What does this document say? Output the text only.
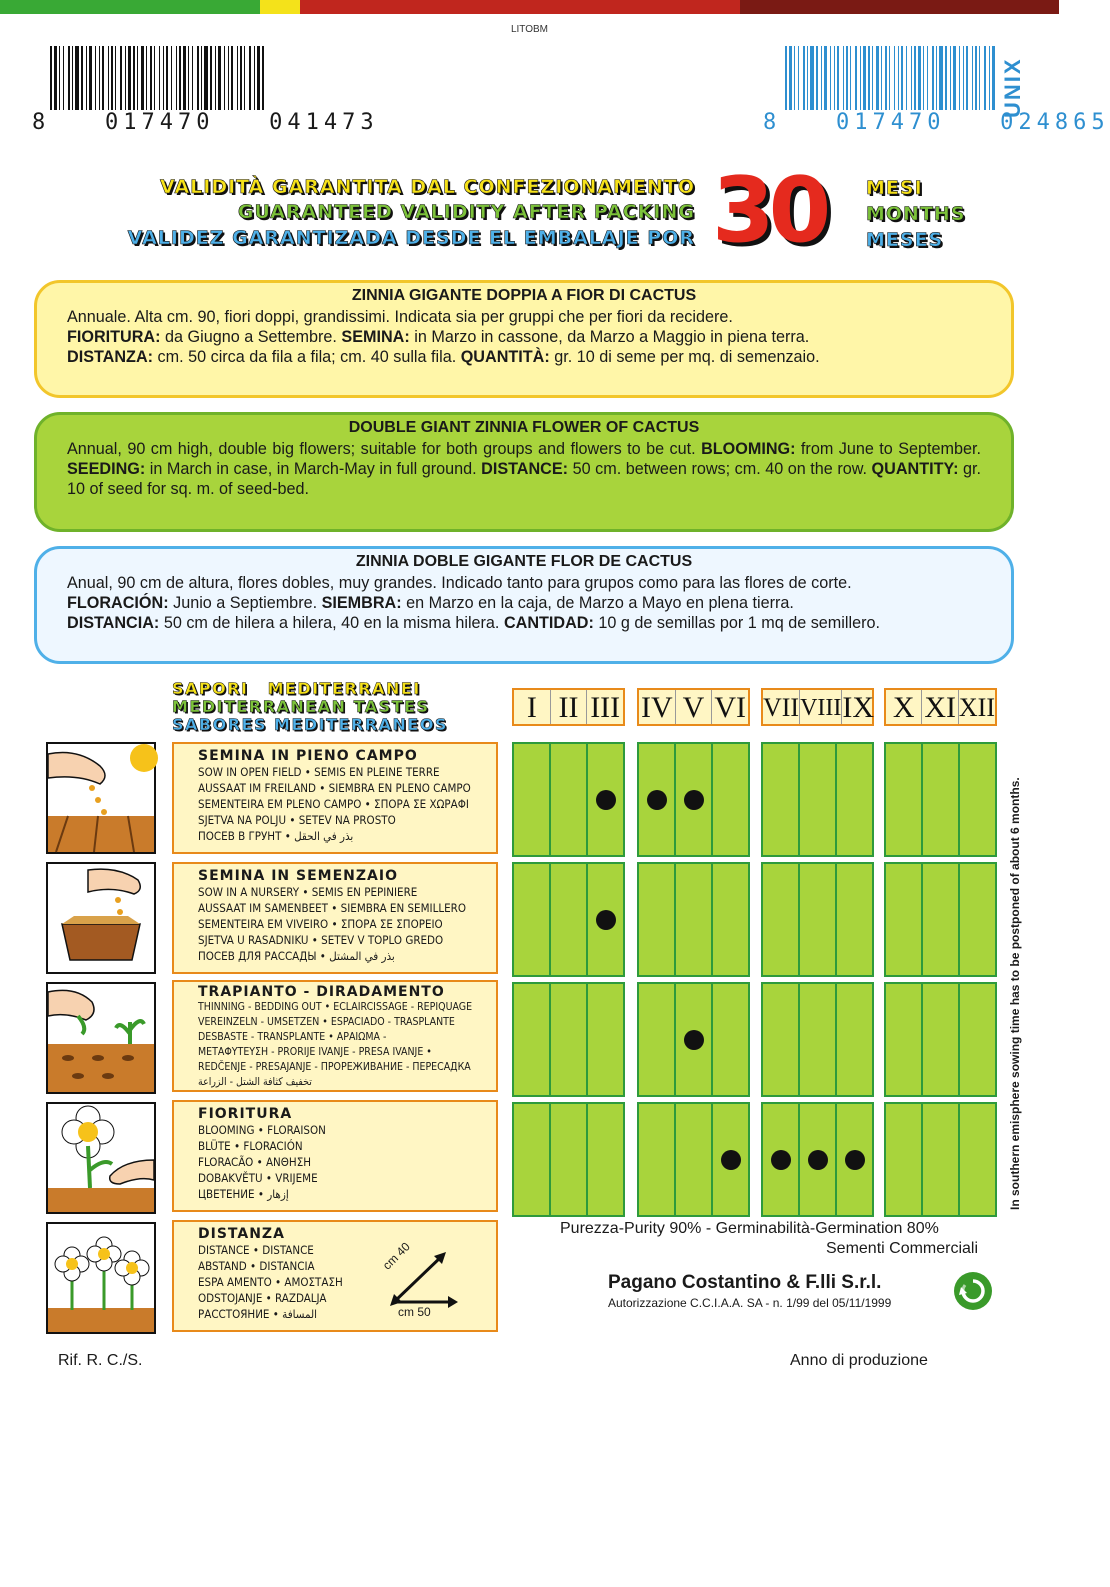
LITOBM
8   017470   041473	8   017470   024865
UNIX
VALIDITÀ GARANTITA DAL CONFEZIONAMENTO
GUARANTEED VALIDITY AFTER PACKING
VALIDEZ GARANTIZADA DESDE EL EMBALAJE POR 30 MESI
MONTHS
MESES
ZINNIA GIGANTE DOPPIA A FIOR DI CACTUS

Annuale. Alta cm. 90, fiori doppi, grandissimi. Indicata sia per gruppi che per fiori da recidere.
FIORITURA: da Giugno a Settembre. SEMINA: in Marzo in cassone, da Marzo a Maggio in piena terra.
DISTANZA: cm. 50 circa da fila a fila; cm. 40 sulla fila. QUANTITÀ: gr. 10 di seme per mq. di semenzaio.

DOUBLE GIANT ZINNIA FLOWER OF CACTUS

Annual, 90 cm high, double big flowers; suitable for both groups and flowers to be cut. BLOOMING: from June to September. SEEDING: in March in case, in March-May in full ground. DISTANCE: 50 cm. between rows; cm. 40 on the row. QUANTITY: gr. 10 of seed for sq. m. of seed-bed.

ZINNIA DOBLE GIGANTE FLOR DE CACTUS

Anual, 90 cm de altura, flores dobles, muy grandes. Indicado tanto para grupos como para las flores de corte.
FLORACIÓN: Junio a Septiembre. SIEMBRA: en Marzo en la caja, de Marzo a Mayo en plena tierra.
DISTANCIA: 50 cm de hilera a hilera, 40 en la misma hilera. CANTIDAD: 10 g de semillas por 1 mq de semillero.

SAPORI MEDITERRANEI
MEDITERRANEAN TASTES
SABORES MEDITERRANEOS
I II III IV V VI VII VIII IX X XI XII
SEMINA IN PIENO CAMPO
SOW IN OPEN FIELD • SEMIS EN PLEINE TERRE
AUSSAAT IM FREILAND • SIEMBRA EN PLENO CAMPO
SEMENTEIRA EM PLENO CAMPO • ΣΠΟΡΑ ΣΕ ΧΩΡΑΦΙ
SJETVA NA POLJU • SETEV NA PROSTO
ПОСЕВ В ГРУНТ • بذر في الحقل
SEMINA IN SEMENZAIO
SOW IN A NURSERY • SEMIS EN PEPINIERE
AUSSAAT IM SAMENBEET • SIEMBRA EN SEMILLERO
SEMENTEIRA EM VIVEIRO • ΣΠΟΡΑ ΣΕ ΣΠΟΡΕΙΟ
SJETVA U RASADNIKU • SETEV V TOPLO GREDO
ПОСЕВ ДЛЯ РАССАДЫ • بذر في المشتل
TRAPIANTO - DIRADAMENTO
THINNING - BEDDING OUT • ECLAIRCISSAGE - REPIQUAGE
VEREINZELN - UMSETZEN • ESPACIADO - TRASPLANTE
DESBASTE - TRANSPLANTE • ΑΡΑΙΩΜΑ -
ΜΕΤΑΦΥΤΕΥΣΗ - PRORIJE IVANJE - PRESA IVANJE •
REDČENJE - PRESAJANJE - ПРОРЕЖИВАНИЕ - ПЕРЕСАДКА
تخفيف كثافة الشتل - الزراعة
FIORITURA
BLOOMING • FLORAISON
BLÜTE • FLORACIÓN
FLORACÃO • ΑΝΘΗΣΗ
DOBAKVĚTU • VRIJEME
ЦВЕТЕНИЕ • إزهار
DISTANZA
DISTANCE • DISTANCE
ABSTAND • DISTANCIA
ESPA AMENTO • ΑΜΟΣΤΑΣΗ
ODSTOJANJE • RAZDALJA
РАССТОЯНИЕ • المسافة
cm 40
cm 50
In southern emisphere sowing time has to be postponed of about 6 months.
Purezza-Purity 90% - Germinabilità-Germination 80%
Sementi Commerciali
Pagano Costantino & F.lli S.r.l.
Autorizzazione C.C.I.A.A. SA - n. 1/99 del 05/11/1999
Rif. R. C./S.	Anno di produzione
